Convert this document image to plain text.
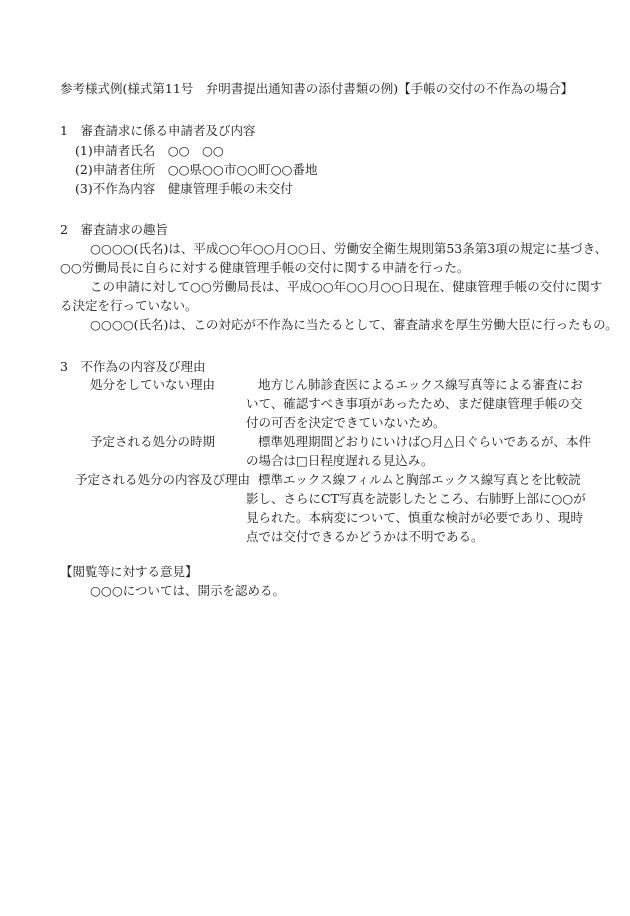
参考様式例(様式第11号　弁明書提出通知書の添付書類の例)【手帳の交付の不作為の場合】
1　審査請求に係る申請者及び内容
(1)申請者氏名　○○　○○
(2)申請者住所　○○県○○市○○町○○番地
(3)不作為内容　健康管理手帳の未交付
2　審査請求の趣旨
○○○○(氏名)は、平成○○年○○月○○日、労働安全衛生規則第53条第3項の規定に基づき、
○○労働局長に自らに対する健康管理手帳の交付に関する申請を行った。
この申請に対して○○労働局長は、平成○○年○○月○○日現在、健康管理手帳の交付に関す
る決定を行っていない。
○○○○(氏名)は、この対応が不作為に当たるとして、審査請求を厚生労働大臣に行ったもの。
3　不作為の内容及び理由
処分をしていない理由	地方じん肺診査医によるエックス線写真等による審査にお
いて、確認すべき事項があったため、まだ健康管理手帳の交
付の可否を決定できていないため。
予定される処分の時期	標準処理期間どおりにいけば○月△日ぐらいであるが、本件
の場合は□日程度遅れる見込み。
予定される処分の内容及び理由 標準エックス線フィルムと胸部エックス線写真とを比較読
影し、さらにCT写真を読影したところ、右肺野上部に○○が
見られた。本病変について、慎重な検討が必要であり、現時
点では交付できるかどうかは不明である。
【閲覧等に対する意見】
○○○については、開示を認める。
